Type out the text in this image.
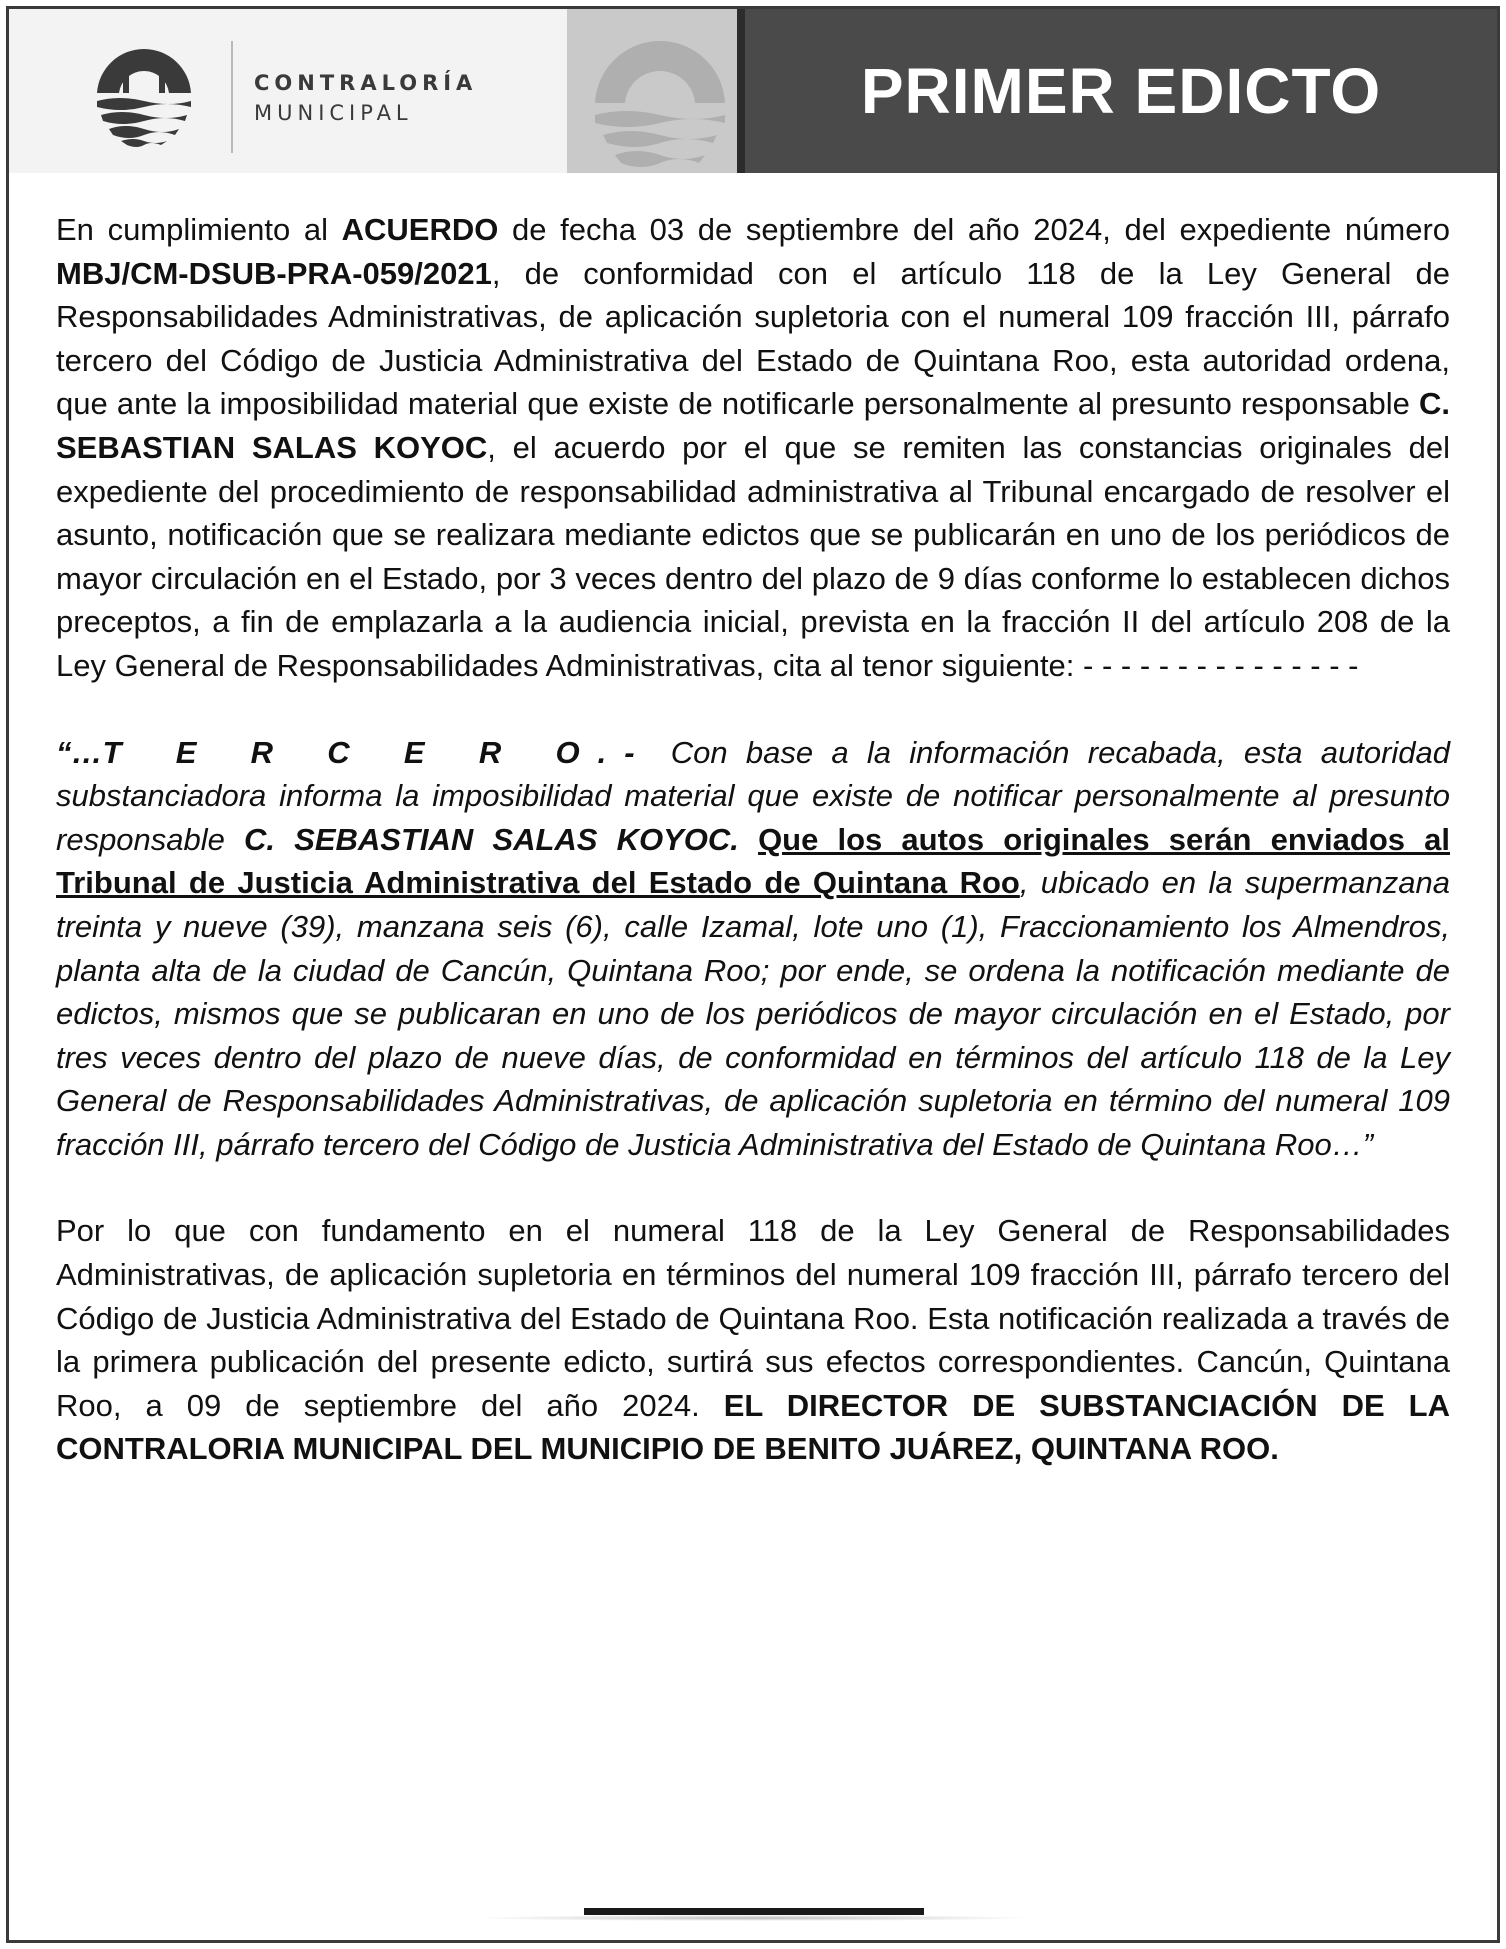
CONTRALORÍA
MUNICIPAL	PRIMER EDICTO

En cumplimiento al ACUERDO de fecha 03 de septiembre del año 2024, del expediente número MBJ/CM-DSUB-PRA-059/2021, de conformidad con el artículo 118 de la Ley General de Responsabilidades Administrativas, de aplicación supletoria con el numeral 109 fracción III, párrafo tercero del Código de Justicia Administrativa del Estado de Quintana Roo, esta autoridad ordena, que ante la imposibilidad material que existe de notificarle personalmente al presunto responsable C. SEBASTIAN SALAS KOYOC, el acuerdo por el que se remiten las constancias originales del expediente del procedimiento de responsabilidad administrativa al Tribunal encargado de resolver el asunto, notificación que se realizara mediante edictos que se publicarán en uno de los periódicos de mayor circulación en el Estado, por 3 veces dentro del plazo de 9 días conforme lo establecen dichos preceptos, a fin de emplazarla a la audiencia inicial, prevista en la fracción II del artículo 208 de la Ley General de Responsabilidades Administrativas, cita al tenor siguiente: - - - - - - - - - - - - - - -

“…T E R C E R O.- Con base a la información recabada, esta autoridad substanciadora informa la imposibilidad material que existe de notificar personalmente al presunto responsable C. SEBASTIAN SALAS KOYOC. Que los autos originales serán enviados al Tribunal de Justicia Administrativa del Estado de Quintana Roo, ubicado en la supermanzana treinta y nueve (39), manzana seis (6), calle Izamal, lote uno (1), Fraccionamiento los Almendros, planta alta de la ciudad de Cancún, Quintana Roo; por ende, se ordena la notificación mediante de edictos, mismos que se publicaran en uno de los periódicos de mayor circulación en el Estado, por tres veces dentro del plazo de nueve días, de conformidad en términos del artículo 118 de la Ley General de Responsabilidades Administrativas, de aplicación supletoria en término del numeral 109 fracción III, párrafo tercero del Código de Justicia Administrativa del Estado de Quintana Roo…”

Por lo que con fundamento en el numeral 118 de la Ley General de Responsabilidades Administrativas, de aplicación supletoria en términos del numeral 109 fracción III, párrafo tercero del Código de Justicia Administrativa del Estado de Quintana Roo. Esta notificación realizada a través de la primera publicación del presente edicto, surtirá sus efectos correspondientes. Cancún, Quintana Roo, a 09 de septiembre del año 2024. EL DIRECTOR DE SUBSTANCIACIÓN DE LA CONTRALORIA MUNICIPAL DEL MUNICIPIO DE BENITO JUÁREZ, QUINTANA ROO.
